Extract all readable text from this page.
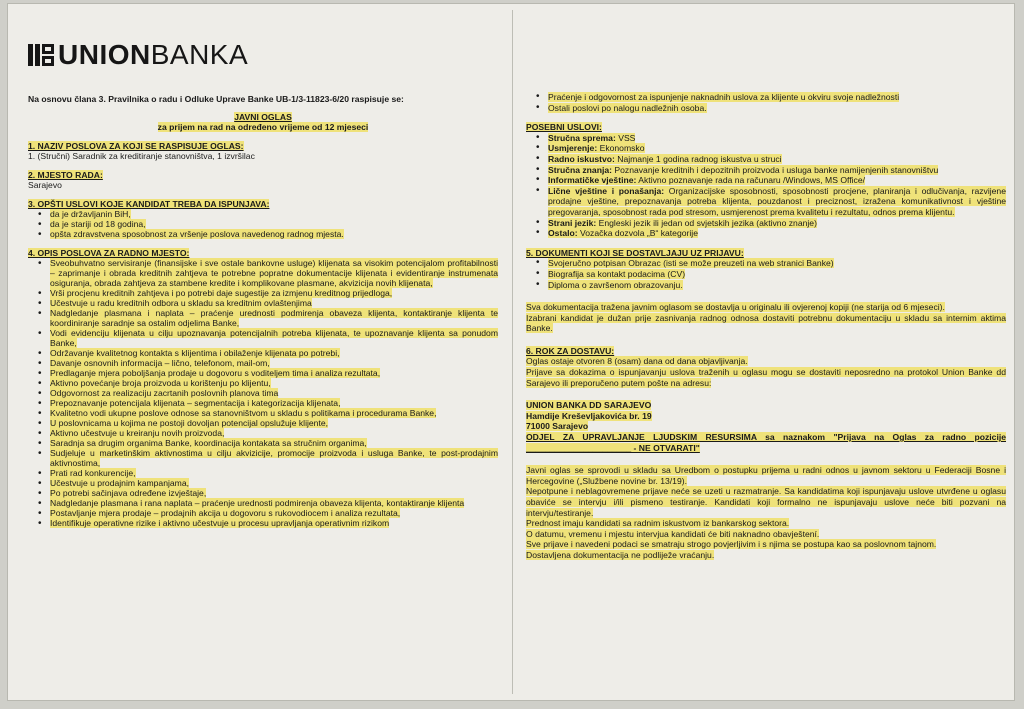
UNIONBANKA

Na osnovu člana 3. Pravilnika o radu i Odluke Uprave Banke UB-1/3-11823-6/20 raspisuje se:

JAVNI OGLAS

za prijem na rad na određeno vrijeme od 12 mjeseci

1. NAZIV POSLOVA ZA KOJI SE RASPISUJE OGLAS:

1. (Stručni) Saradnik za kreditiranje stanovništva, 1 izvršilac

2. MJESTO RADA:

Sarajevo

3. OPŠTI USLOVI KOJE KANDIDAT TREBA DA ISPUNJAVA:

• da je državljanin BiH,
• da je stariji od 18 godina,
• opšta zdravstvena sposobnost za vršenje poslova navedenog radnog mjesta.

4. OPIS POSLOVA ZA RADNO MJESTO:

• Sveobuhvatno servisiranje (finansijske i sve ostale bankovne usluge) klijenata sa visokim potencijalom profitabilnosti – zaprimanje i obrada kreditnih zahtjeva te potrebne popratne dokumentacije klijenata i evidentiranje instrumenata osiguranja, obrada zahtjeva za stambene kredite i komplikovane plasmane, akvizicija novih klijenata,
• Vrši procjenu kreditnih zahtjeva i po potrebi daje sugestije za izmjenu kreditnog prijedloga,
• Učestvuje u radu kreditnih odbora u skladu sa kreditnim ovlaštenjima
• Nadgledanje plasmana i naplata – praćenje urednosti podmirenja obaveza klijenta, kontaktiranje klijenta te koordiniranje saradnje sa ostalim odjelima Banke,
• Vodi evidenciju klijenata u cilju upoznavanja potencijalnih potreba klijenata, te upoznavanje klijenta sa ponudom Banke,
• Održavanje kvalitetnog kontakta s klijentima i obilaženje klijenata po potrebi,
• Davanje osnovnih informacija – lično, telefonom, mail-om,
• Predlaganje mjera poboljšanja prodaje u dogovoru s voditeljem tima i analiza rezultata,
• Aktivno povećanje broja proizvoda u korištenju po klijentu,
• Odgovornost za realizaciju zacrtanih poslovnih planova tima
• Prepoznavanje potencijala klijenata – segmentacija i kategorizacija klijenata,
• Kvalitetno vodi ukupne poslove odnose sa stanovništvom u skladu s politikama i procedurama Banke,
• U poslovnicama u kojima ne postoji dovoljan potencijal opslužuje klijente,
• Aktivno učestvuje u kreiranju novih proizvoda,
• Saradnja sa drugim organima Banke, koordinacija kontakata sa stručnim organima,
• Sudjeluje u marketinškim aktivnostima u cilju akvizicije, promocije proizvoda i usluga Banke, te post-prodajnim aktivnostima,
• Prati rad konkurencije,
• Učestvuje u prodajnim kampanjama,
• Po potrebi sačinjava određene izvještaje,
• Nadgledanje plasmana i rana naplata – praćenje urednosti podmirenja obaveza klijenta, kontaktiranje klijenta
• Postavljanje mjera prodaje – prodajnih akcija u dogovoru s rukovodiocem i analiza rezultata,
• Identifikuje operativne rizike i aktivno učestvuje u procesu upravljanja operativnim rizikom
• Praćenje i odgovornost za ispunjenje naknadnih uslova za klijente u okviru svoje nadležnosti
• Ostali poslovi po nalogu nadležnih osoba.

POSEBNI USLOVI:

• Stručna sprema: VSS
• Usmjerenje: Ekonomsko
• Radno iskustvo: Najmanje 1 godina radnog iskustva u struci
• Stručna znanja: Poznavanje kreditnih i depozitnih proizvoda i usluga banke namijenjenih stanovništvu
• Informatičke vještine: Aktivno poznavanje rada na računaru /Windows, MS Office/
• Lične vještine i ponašanja: Organizacijske sposobnosti, sposobnosti procjene, planiranja i odlučivanja, razvijene prodajne vještine, prepoznavanja potreba klijenta, pouzdanost i preciznost, izražena komunikativnost i vještine pregovaranja, sposobnost rada pod stresom, usmjerenost prema kvalitetu i rezultatu, odnos prema klijentu.
• Strani jezik: Engleski jezik ili jedan od svjetskih jezika (aktivno znanje)
• Ostalo: Vozačka dozvola „B“ kategorije

5. DOKUMENTI KOJI SE DOSTAVLJAJU UZ PRIJAVU:

• Svojeručno potpisan Obrazac (isti se može preuzeti na web stranici Banke)
• Biografija sa kontakt podacima (CV)
• Diploma o završenom obrazovanju.

Sva dokumentacija tražena javnim oglasom se dostavlja u originalu ili ovjerenoj kopiji (ne starija od 6 mjeseci).

Izabrani kandidat je dužan prije zasnivanja radnog odnosa dostaviti potrebnu dokumentaciju u skladu sa internim aktima Banke.

6. ROK ZA DOSTAVU:

Oglas ostaje otvoren 8 (osam) dana od dana objavljivanja.

Prijave sa dokazima o ispunjavanju uslova traženih u oglasu mogu se dostaviti neposredno na protokol Union Banke dd Sarajevo ili preporučeno putem pošte na adresu:

UNION BANKA DD SARAJEVO

Hamdije Kreševljakovića br. 19

71000 Sarajevo

ODJEL ZA UPRAVLJANJE LJUDSKIM RESURSIMA sa naznakom "Prijava na Oglas za radno pozicije ______________________ - NE OTVARATI"

Javni oglas se sprovodi u skladu sa Uredbom o postupku prijema u radni odnos u javnom sektoru u Federaciji Bosne i Hercegovine („Službene novine br. 13/19).

Nepotpune i neblagovremene prijave neće se uzeti u razmatranje. Sa kandidatima koji ispunjavaju uslove utvrđene u oglasu obaviće se intervju i/ili pismeno testiranje. Kandidati koji formalno ne ispunjavaju uslove neće biti pozvani na intervju/testiranje.

Prednost imaju kandidati sa radnim iskustvom iz bankarskog sektora.

O datumu, vremenu i mjestu intervjua kandidati će biti naknadno obavještení.

Sve prijave i navedeni podaci se smatraju strogo povjerljivim i s njima se postupa kao sa poslovnom tajnom.

Dostavljena dokumentacija ne podliježe vraćanju.
